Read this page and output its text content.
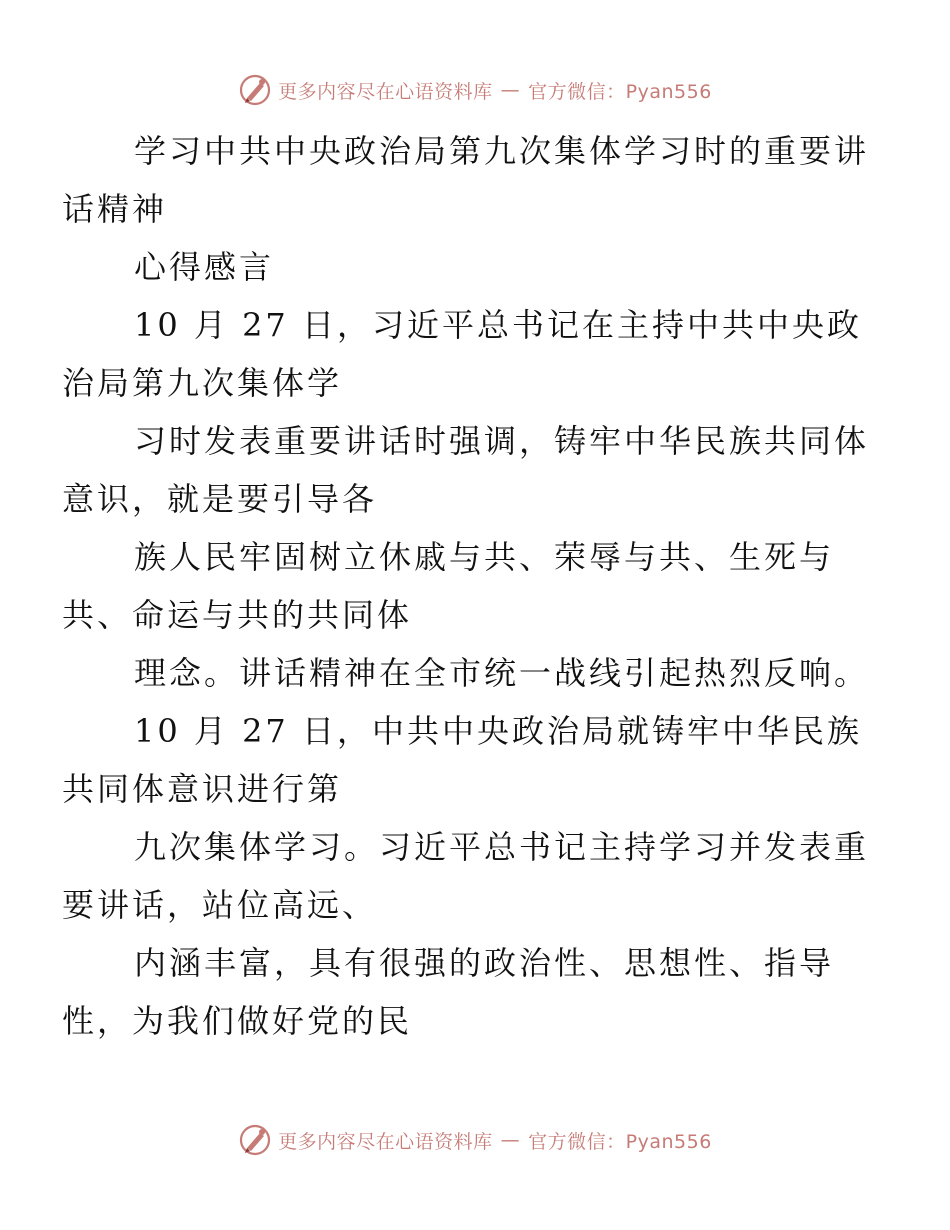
更多内容尽在心语资料库 — 官方微信：Pyan556

学习中共中央政治局第九次集体学习时的重要讲
话精神

心得感言

10 月 27 日，习近平总书记在主持中共中央政
治局第九次集体学

习时发表重要讲话时强调，铸牢中华民族共同体
意识，就是要引导各

族人民牢固树立休戚与共、荣辱与共、生死与
共、命运与共的共同体

理念。讲话精神在全市统一战线引起热烈反响。

10 月 27 日，中共中央政治局就铸牢中华民族
共同体意识进行第

九次集体学习。习近平总书记主持学习并发表重
要讲话，站位高远、

内涵丰富，具有很强的政治性、思想性、指导
性，为我们做好党的民

更多内容尽在心语资料库 — 官方微信：Pyan556
